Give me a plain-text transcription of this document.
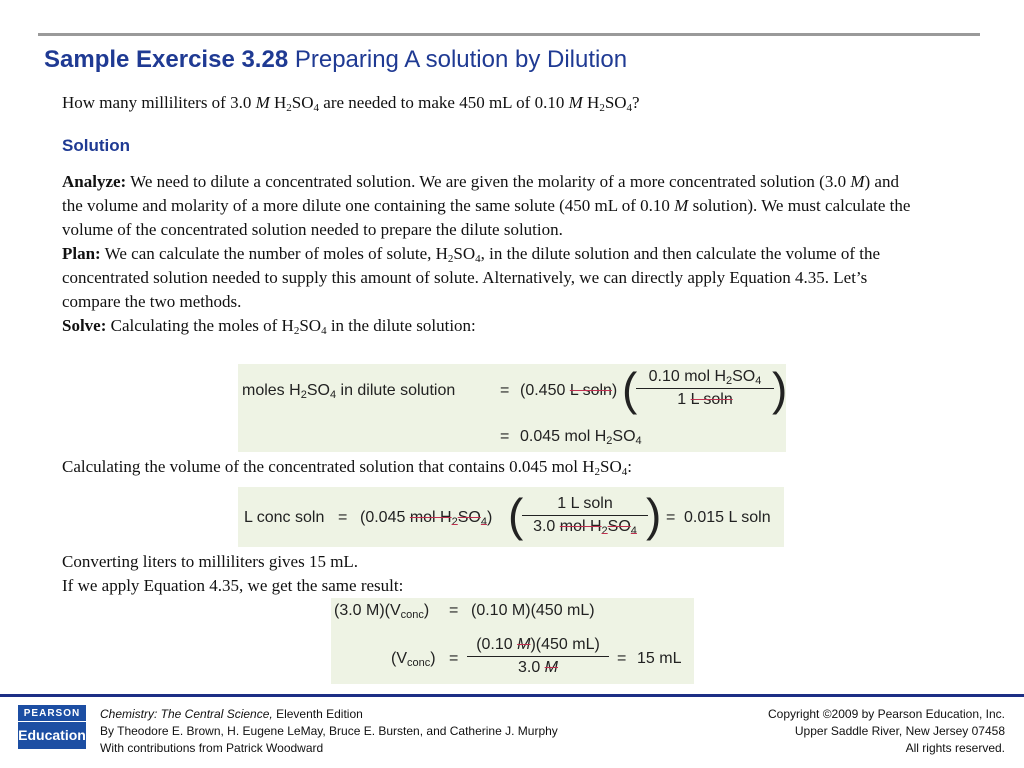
Sample Exercise 3.28 Preparing A solution by Dilution
How many milliliters of 3.0 M $H_2SO_4$ are needed to make 450 mL of 0.10 M $H_2SO_4$?
Solution

Analyze: We need to dilute a concentrated solution. We are given the molarity of a more concentrated solution (3.0 M) and the volume and molarity of a more dilute one containing the same solute (450 mL of 0.10 M solution). We must calculate the volume of the concentrated solution needed to prepare the dilute solution.

Plan: We can calculate the number of moles of solute, $H_2SO_4$, in the dilute solution and then calculate the volume of the concentrated solution needed to supply this amount of solute. Alternatively, we can directly apply Equation 4.35. Let’s compare the two methods.

Solve: Calculating the moles of $H_2SO_4$ in the dilute solution:

moles $H_2SO_4$ in dilute solution	= (0.450 L soln) ( 0.10 mol $H_2SO_4$
1 L soln )
= 0.045 mol $H_2SO_4$
Calculating the volume of the concentrated solution that contains 0.045 mol $H_2SO_4$:
L conc soln = (0.045 mol $H_2SO_4$) (	1 L soln
3.0 mol $H_2SO_4$ ) = 0.015 L soln
Converting liters to milliliters gives 15 mL.
If we apply Equation 4.35, we get the same result:
(3.0 $M)(V_{conc}) = (0.10$ M)(450 mL)
$(V_{conc}) = \frac{(0.10 M)(450 mL)}{3.0 M} = 15$ mL
PEARSON
Education
Chemistry: The Central Science, Eleventh Edition
By Theodore E. Brown, H. Eugene LeMay, Bruce E. Bursten, and Catherine J. Murphy
With contributions from Patrick Woodward
Copyright ©2009 by Pearson Education, Inc.
Upper Saddle River, New Jersey 07458
All rights reserved.
